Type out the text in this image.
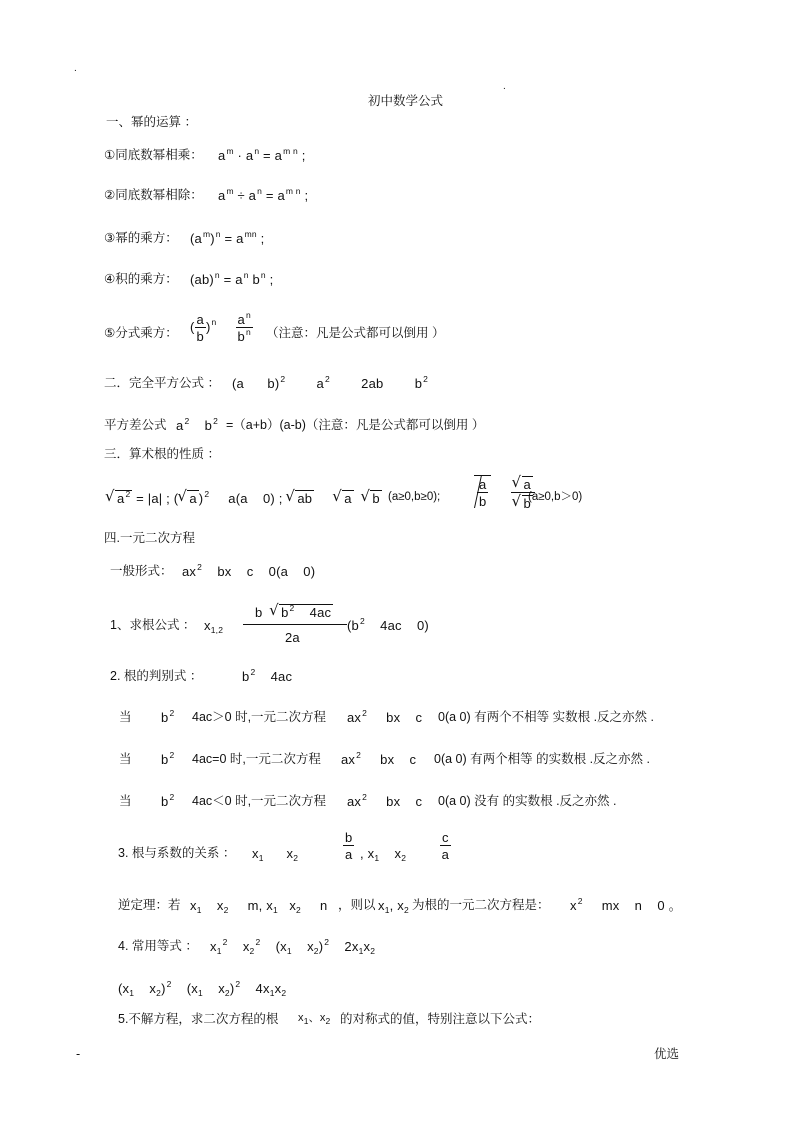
.
.
初中数学公式
一、幂的运算 ：
①同底数幂相乘： $a^m \cdot a^n = a^{m n}$ ;
②同底数幂相除： $a^m \div a^n = a^{m n}$ ;
③幂的乘方： $(a^m)^n = a^{mn}$ ;
④积的乘方： $(ab)^n = a^n$ $b^n$ ;
⑤分式乘方： ( $\frac{a}{b} )^n \frac{a^n}{b^n}$ （注意：凡是公式都可以倒用 ）
二．完全平方公式 ： (a   b)$^2$    $a^2$    2ab    $b^2$
平方差公式 $a^2$    $b^2 =(a+b)(a-b)$（注意：凡是公式都可以倒用 ）
三．算术根的性质 ：
√ $a^2 = |a|$ ; ( √ a )$^2$     a(a    0) ; √ ab √ a √ b (a≥0,b≥0);	$\frac{a}{b}$
√ a
√ b
(a≥0,b＞0)
四.一元二次方程
一般形式： $ax^2$    bx    c    0(a    0)
1、求根公式 ： $x_{1,2}$
b  √ $b^2$    4ac
2a
($b^2$    4ac    0)
2. 根的判别式 ：	$b^2$    4ac
当 $b^2$ 4ac＞0 时,一元二次方程 $ax^2$     bx    c 0(a 0) 有两个不相等 实数根 .反之亦然 .
当 $b^2$ 4ac=0 时,一元二次方程 $ax^2$     bx    c 0(a 0) 有两个相等 的实数根 .反之亦然 .
当 $b^2$ 4ac＜0 时,一元二次方程 $ax^2$     bx    c 0(a 0) 没有 的实数根 .反之亦然 .
3. 根与系数的关系 ： $x_1$      $x_2$	$\frac{b}{a}$ , $x_1$    $x_2$	$\frac{c}{a}$
逆定理：若 $x_1$    $x_2$     m, $x_1$   $x_2$     n ，则以 $x_1$, $x_2$ 为根的一元二次方程是： $x^2$     mx    n    0 。
4. 常用等式 ： $x_1^2$    $x_2^2$    ($x_1$    $x_2)^2$    $2x_1x_2$
($x_1$    $x_2)^2$    ($x_1$    $x_2)^2$    $4x_1x_2$
5.不解方程，求二次方程的根 $x_1$、$x_2$ 的对称式的值，特别注意以下公式：
-	优选
